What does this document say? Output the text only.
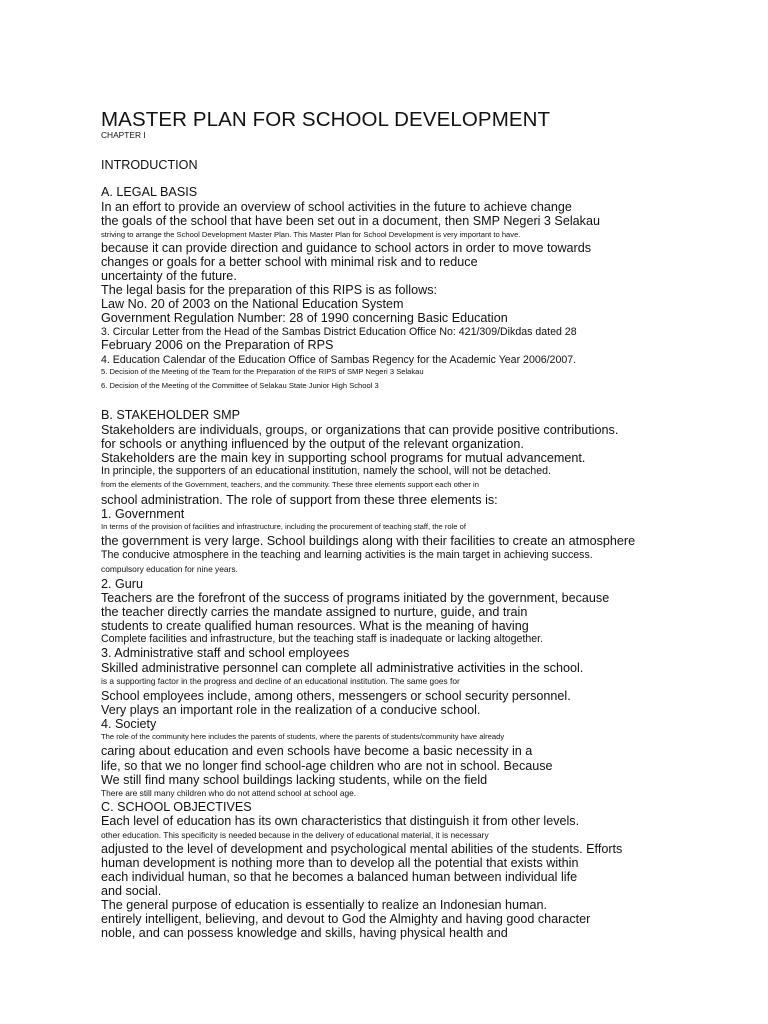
MASTER PLAN FOR SCHOOL DEVELOPMENT
CHAPTER I
INTRODUCTION
A. LEGAL BASIS
In an effort to provide an overview of school activities in the future to achieve change
the goals of the school that have been set out in a document, then SMP Negeri 3 Selakau
striving to arrange the School Development Master Plan. This Master Plan for School Development is very important to have.
because it can provide direction and guidance to school actors in order to move towards
changes or goals for a better school with minimal risk and to reduce
uncertainty of the future.
The legal basis for the preparation of this RIPS is as follows:
Law No. 20 of 2003 on the National Education System
Government Regulation Number: 28 of 1990 concerning Basic Education
3. Circular Letter from the Head of the Sambas District Education Office No: 421/309/Dikdas dated 28
February 2006 on the Preparation of RPS
4. Education Calendar of the Education Office of Sambas Regency for the Academic Year 2006/2007.
5. Decision of the Meeting of the Team for the Preparation of the RIPS of SMP Negeri 3 Selakau
6. Decision of the Meeting of the Committee of Selakau State Junior High School 3
B. STAKEHOLDER SMP
Stakeholders are individuals, groups, or organizations that can provide positive contributions.
for schools or anything influenced by the output of the relevant organization.
Stakeholders are the main key in supporting school programs for mutual advancement.
In principle, the supporters of an educational institution, namely the school, will not be detached.
from the elements of the Government, teachers, and the community. These three elements support each other in
school administration. The role of support from these three elements is:
1. Government
In terms of the provision of facilities and infrastructure, including the procurement of teaching staff, the role of
the government is very large. School buildings along with their facilities to create an atmosphere
The conducive atmosphere in the teaching and learning activities is the main target in achieving success.
compulsory education for nine years.
2. Guru
Teachers are the forefront of the success of programs initiated by the government, because
the teacher directly carries the mandate assigned to nurture, guide, and train
students to create qualified human resources. What is the meaning of having
Complete facilities and infrastructure, but the teaching staff is inadequate or lacking altogether.
3. Administrative staff and school employees
Skilled administrative personnel can complete all administrative activities in the school.
is a supporting factor in the progress and decline of an educational institution. The same goes for
School employees include, among others, messengers or school security personnel.
Very plays an important role in the realization of a conducive school.
4. Society
The role of the community here includes the parents of students, where the parents of students/community have already
caring about education and even schools have become a basic necessity in a
life, so that we no longer find school-age children who are not in school. Because
We still find many school buildings lacking students, while on the field
There are still many children who do not attend school at school age.
C. SCHOOL OBJECTIVES
Each level of education has its own characteristics that distinguish it from other levels.
other education. This specificity is needed because in the delivery of educational material, it is necessary
adjusted to the level of development and psychological mental abilities of the students. Efforts
human development is nothing more than to develop all the potential that exists within
each individual human, so that he becomes a balanced human between individual life
and social.
The general purpose of education is essentially to realize an Indonesian human.
entirely intelligent, believing, and devout to God the Almighty and having good character
noble, and can possess knowledge and skills, having physical health and
